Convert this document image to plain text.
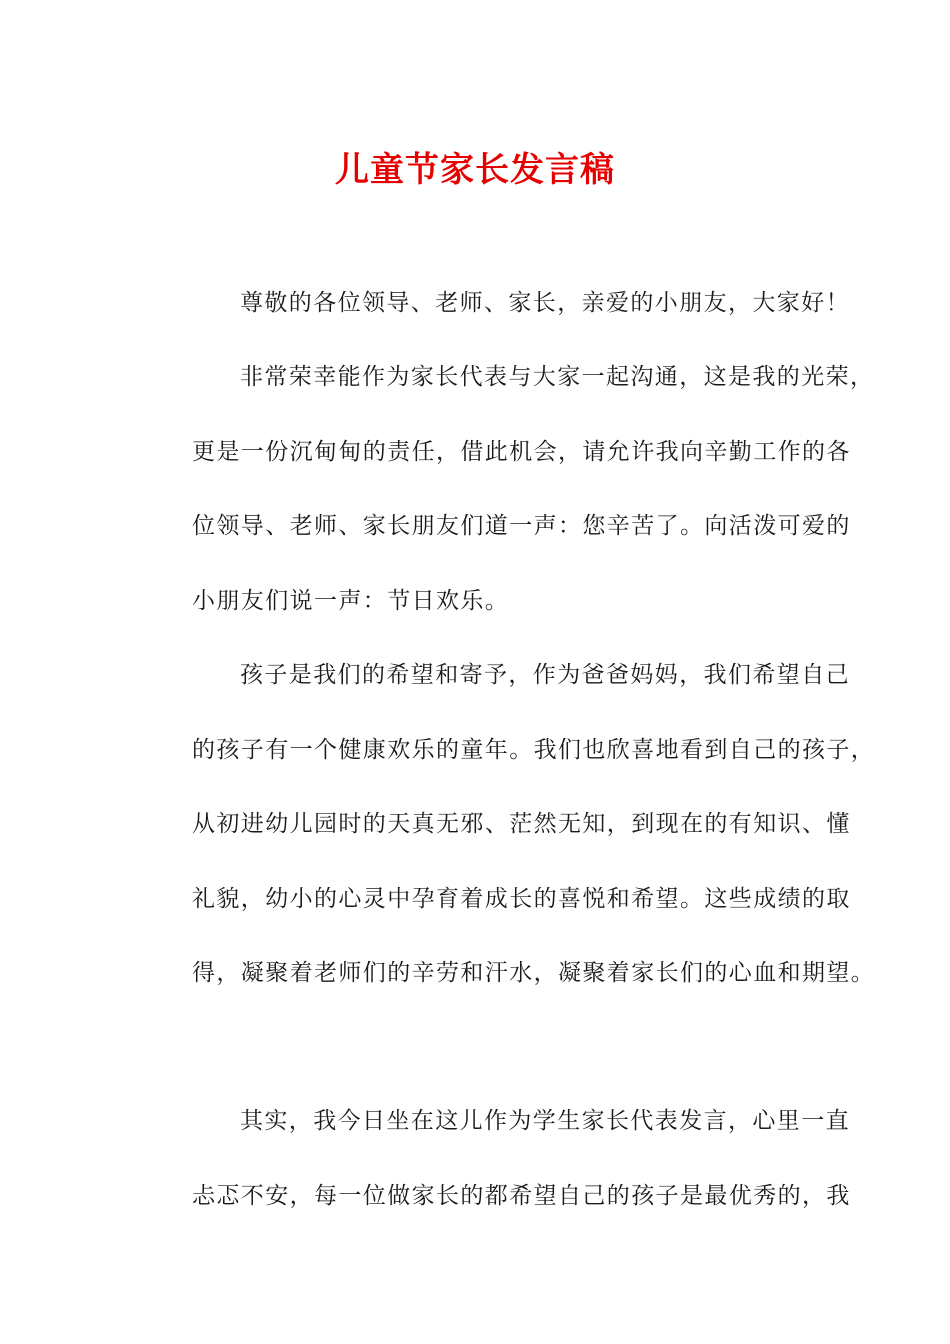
儿童节家长发言稿

尊敬的各位领导、老师、家长，亲爱的小朋友，大家好！

非常荣幸能作为家长代表与大家一起沟通，这是我的光荣，
更是一份沉甸甸的责任，借此机会，请允许我向辛勤工作的各
位领导、老师、家长朋友们道一声：您辛苦了。向活泼可爱的
小朋友们说一声：节日欢乐。

孩子是我们的希望和寄予，作为爸爸妈妈，我们希望自己
的孩子有一个健康欢乐的童年。我们也欣喜地看到自己的孩子，
从初进幼儿园时的天真无邪、茫然无知，到现在的有知识、懂
礼貌，幼小的心灵中孕育着成长的喜悦和希望。这些成绩的取
得，凝聚着老师们的辛劳和汗水，凝聚着家长们的心血和期望。

其实，我今日坐在这儿作为学生家长代表发言，心里一直
忐忑不安，每一位做家长的都希望自己的孩子是最优秀的，我
